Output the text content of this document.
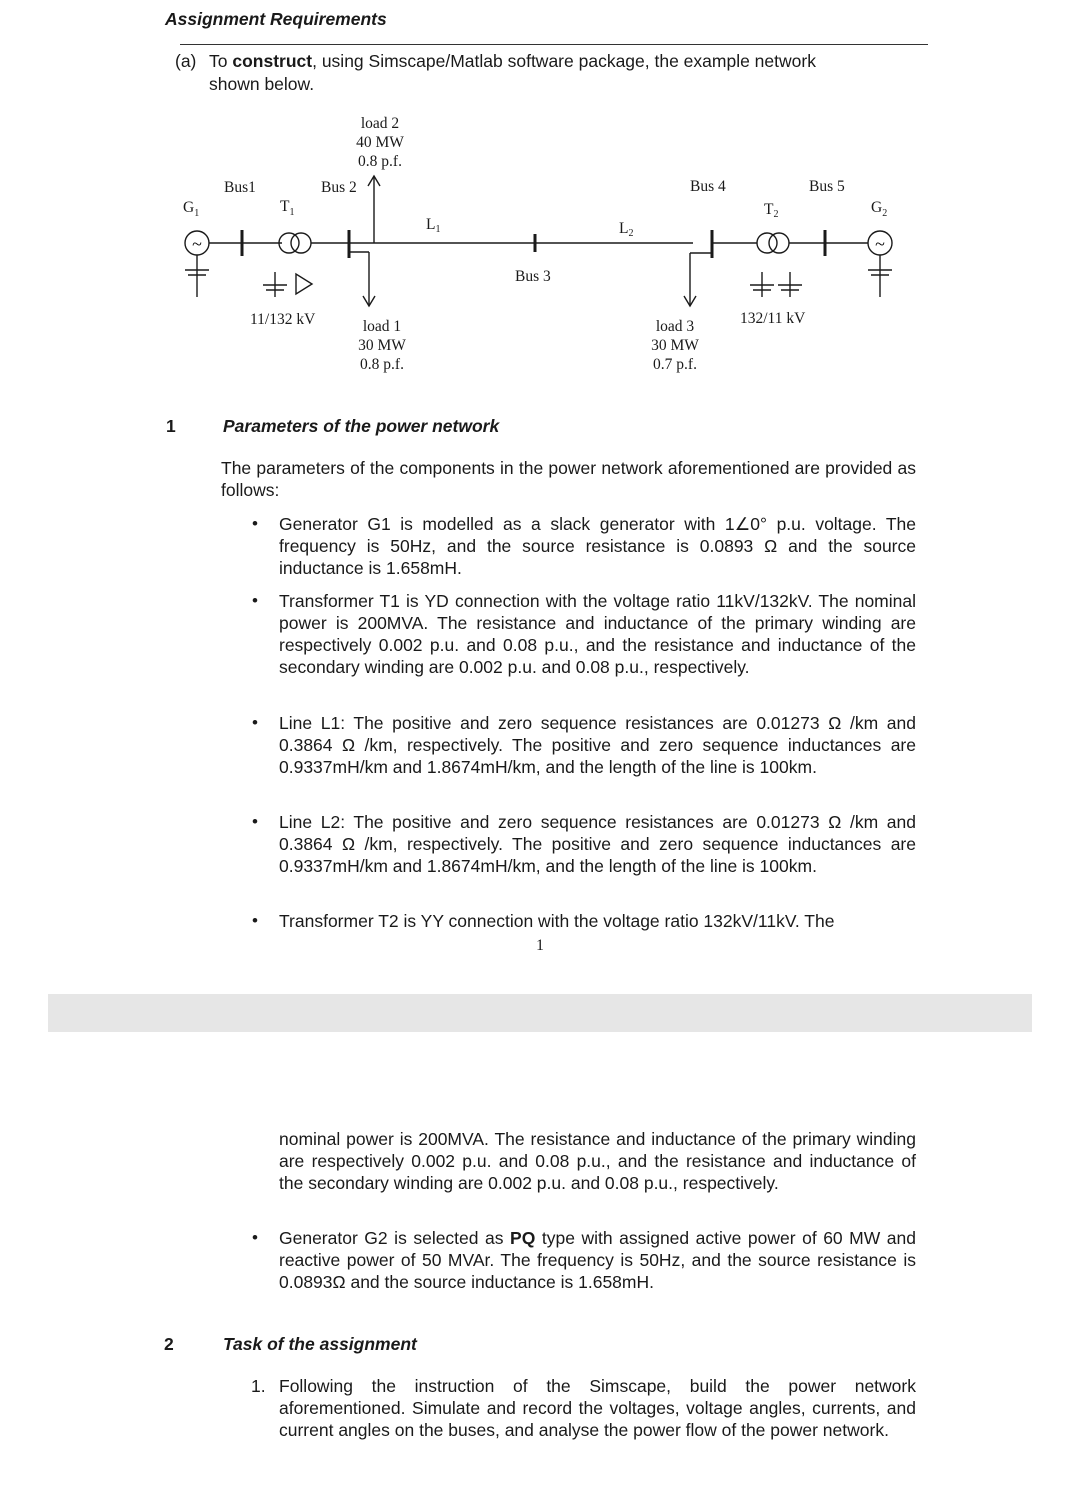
Assignment Requirements
(a) To construct, using Simscape/Matlab software package, the example network
shown below.
~	~
load 2
40 MW
0.8 p.f.
Bus1	Bus 2	Bus 4	Bus 5
Bus 3
$G_1$	$G_2$
$T_1$	T2
L1	L2
11/132 kV	132/11 kV
load 1
30 MW
0.8 p.f.
load 3
30 MW
0.7 p.f.
1	Parameters of the power network
The parameters of the components in the power network aforementioned are provided as follows:
• Generator G1 is modelled as a slack generator with 1∠0° p.u. voltage. The frequency is 50Hz, and the source resistance is 0.0893 Ω and the source inductance is 1.658mH.
• Transformer T1 is YD connection with the voltage ratio 11kV/132kV. The nominal power is 200MVA. The resistance and inductance of the primary winding are respectively 0.002 p.u. and 0.08 p.u., and the resistance and inductance of the secondary winding are 0.002 p.u. and 0.08 p.u., respectively.
• Line L1: The positive and zero sequence resistances are 0.01273 Ω /km and 0.3864 Ω /km, respectively. The positive and zero sequence inductances are 0.9337mH/km and 1.8674mH/km, and the length of the line is 100km.
• Line L2: The positive and zero sequence resistances are 0.01273 Ω /km and 0.3864 Ω /km, respectively. The positive and zero sequence inductances are 0.9337mH/km and 1.8674mH/km, and the length of the line is 100km.
• Transformer T2 is YY connection with the voltage ratio 132kV/11kV. The
1
nominal power is 200MVA. The resistance and inductance of the primary winding are respectively 0.002 p.u. and 0.08 p.u., and the resistance and inductance of the secondary winding are 0.002 p.u. and 0.08 p.u., respectively.
• Generator G2 is selected as PQ type with assigned active power of 60 MW and reactive power of 50 MVAr. The frequency is 50Hz, and the source resistance is 0.0893Ω and the source inductance is 1.658mH.
2	Task of the assignment
1. Following the instruction of the Simscape, build the power network aforementioned. Simulate and record the voltages, voltage angles, currents, and current angles on the buses, and analyse the power flow of the power network.
